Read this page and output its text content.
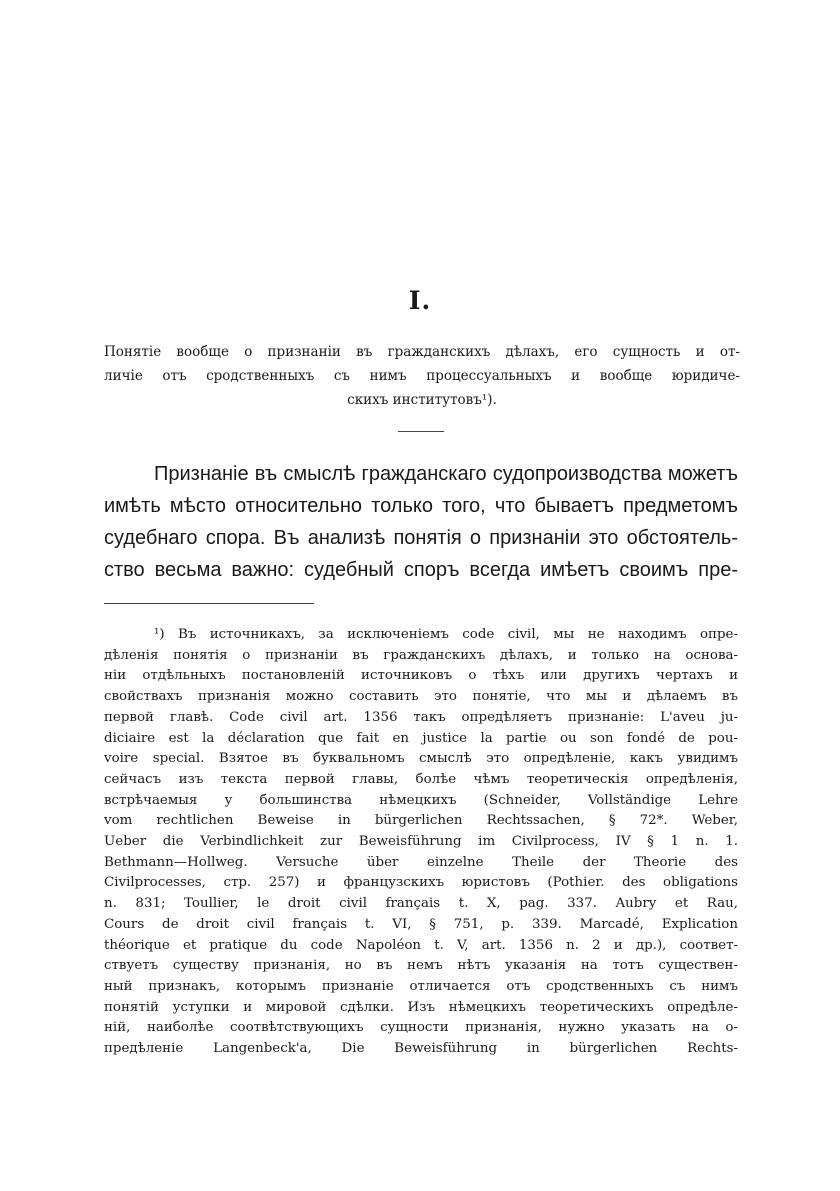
I.
Понятіе вообще о признаніи въ гражданскихъ дѣлахъ, его сущность и от-
личіе отъ сродственныхъ съ нимъ процессуальныхъ и вообще юридиче-
скихъ институтовъ¹).
Признаніе въ смыслѣ гражданскаго судопроизводства можетъ
имѣть мѣсто относительно только того, что бываетъ предметомъ
судебнаго спора. Въ анализѣ понятія о признаніи это обстоятель-
ство весьма важно: судебный споръ всегда имѣетъ своимъ пре-
¹) Въ источникахъ, за исключеніемъ code civil, мы не находимъ опре-
дѣленія понятія о признаніи въ гражданскихъ дѣлахъ, и только на основа-
ніи отдѣльныхъ постановленій источниковъ о тѣхъ или другихъ чертахъ и
свойствахъ признанія можно составить это понятіе, что мы и дѣлаемъ въ
первой главѣ. Code civil art. 1356 такъ опредѣляетъ признаніе: L'aveu ju-
diciaire est la déclaration que fait en justice la partie ou son fondé de pou-
voire special. Взятое въ буквальномъ смыслѣ это опредѣленіе, какъ увидимъ
сейчасъ изъ текста первой главы, болѣе чѣмъ теоретическія опредѣленія,
встрѣчаемыя у большинства нѣмецкихъ (Schneider, Vollständige Lehre
vom rechtlichen Beweise in bürgerlichen Rechtssachen, § 72*. Weber,
Ueber die Verbindlichkeit zur Beweisführung im Civilprocess, IV § 1 n. 1.
Bethmann—Hollweg. Versuche über einzelne Theile der Theorie des
Civilprocesses, стр. 257) и французскихъ юристовъ (Pothier. des obligations
n. 831; Toullier, le droit civil français t. X, pag. 337. Aubry et Rau,
Cours de droit civil français t. VI, § 751, p. 339. Marcadé, Explication
théorique et pratique du code Napoléon t. V, art. 1356 n. 2 и др.), соответ-
ствуетъ существу признанія, но въ немъ нѣтъ указанія на тотъ существен-
ный признакъ, которымъ признаніе отличается отъ сродственныхъ съ нимъ
понятій уступки и мировой сдѣлки. Изъ нѣмецкихъ теоретическихъ опредѣле-
ній, наиболѣе соотвѣтствующихъ сущности признанія, нужно указать на о-
предѣленіе Langenbeck'a, Die Beweisführung in bürgerlichen Rechts-
